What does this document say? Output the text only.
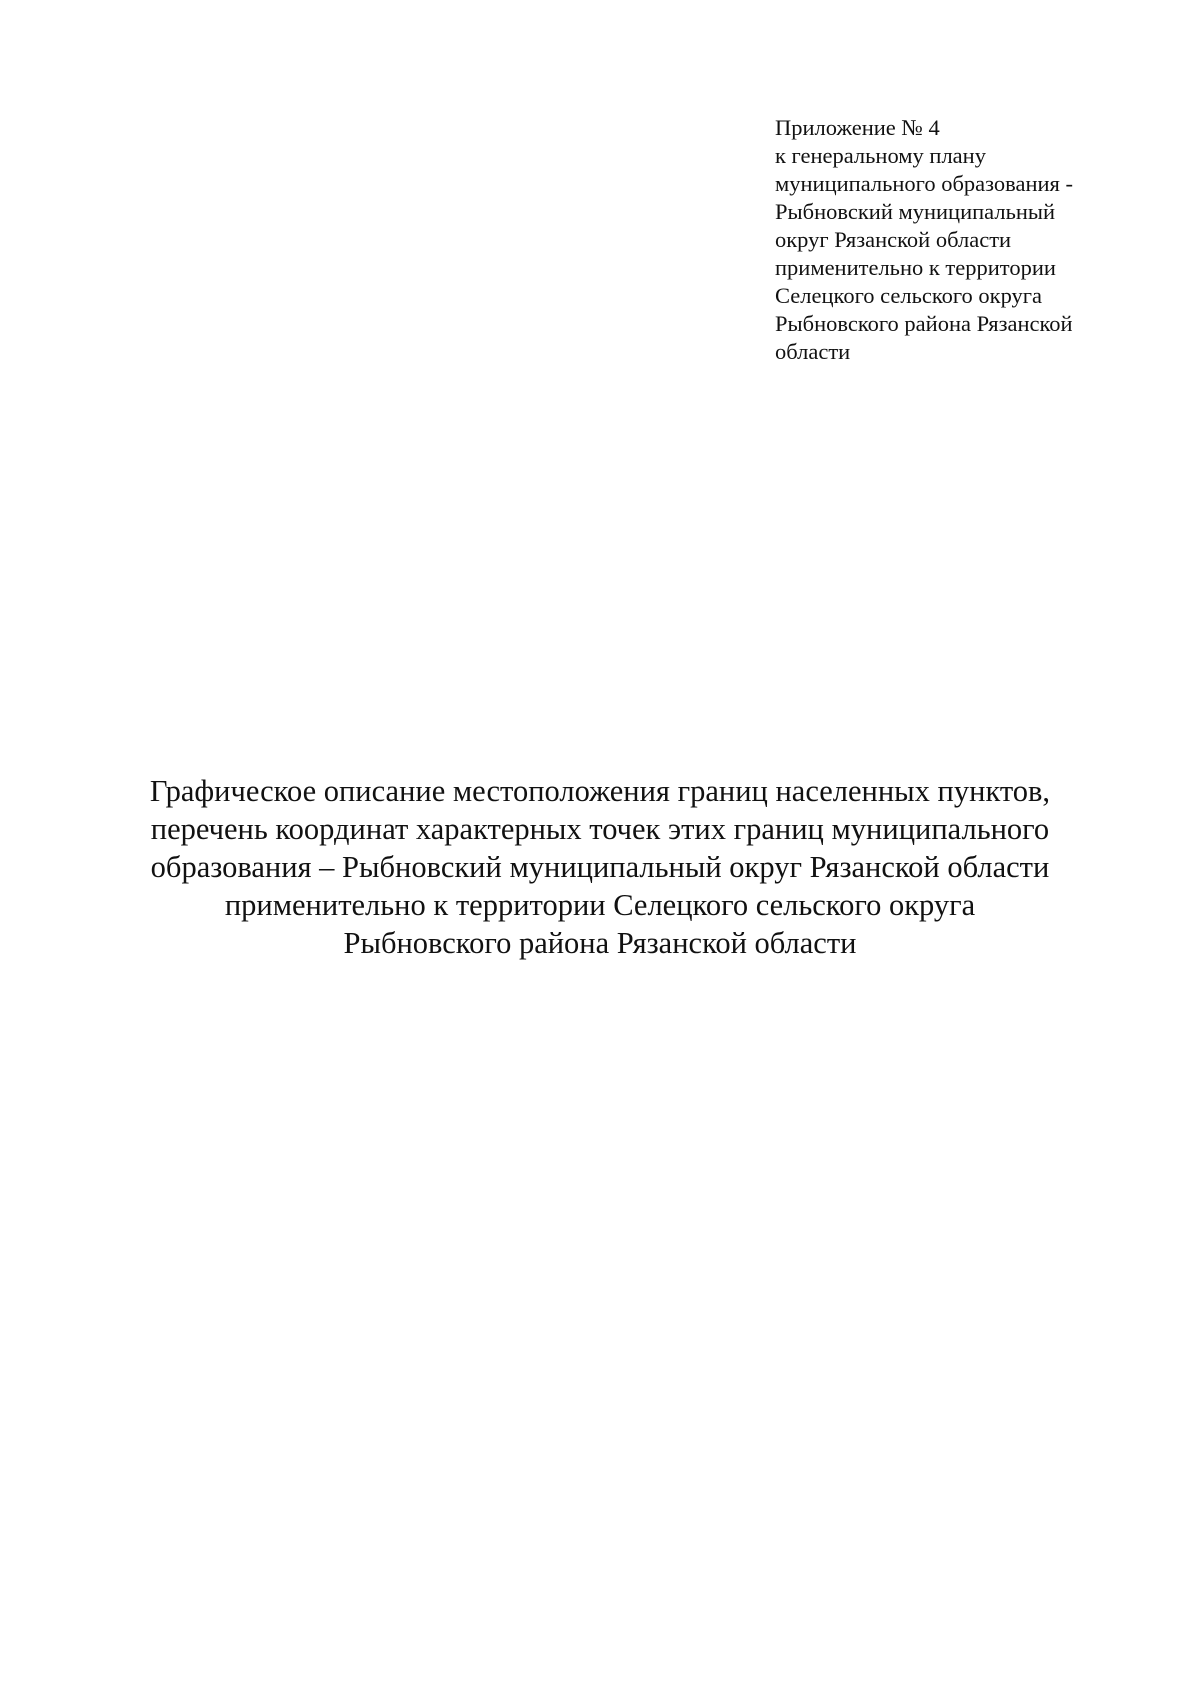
Приложение № 4
к генеральному плану
муниципального образования -
Рыбновский муниципальный
округ Рязанской области
применительно к территории
Селецкого сельского округа
Рыбновского района Рязанской
области
Графическое описание местоположения границ населенных пунктов,
перечень координат характерных точек этих границ муниципального
образования – Рыбновский муниципальный округ Рязанской области
применительно к территории Селецкого сельского округа
Рыбновского района Рязанской области
